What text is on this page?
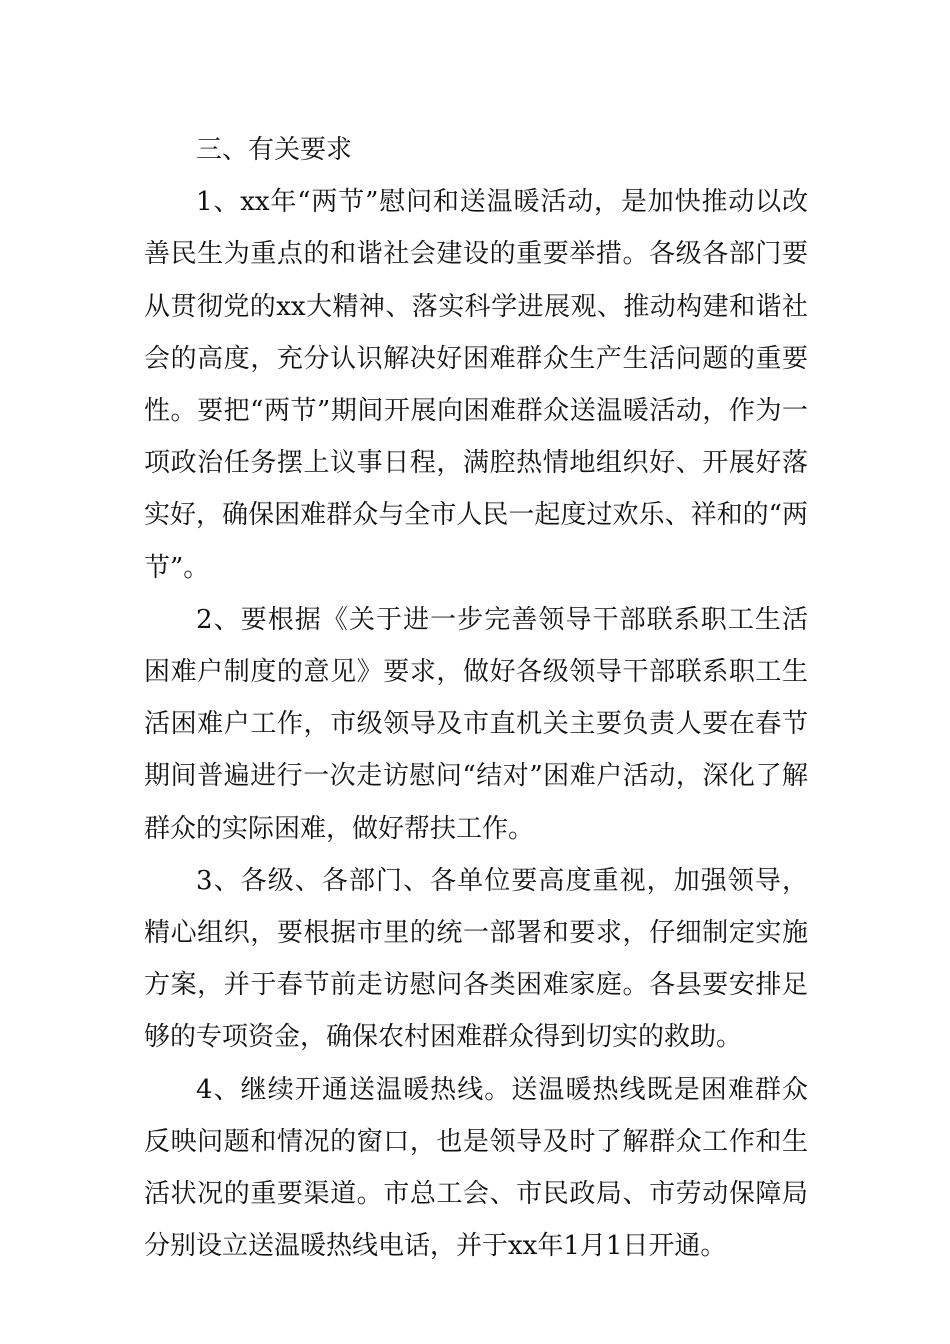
三、有关要求

1、xx年“两节”慰问和送温暖活动，是加快推动以改善民生为重点的和谐社会建设的重要举措。各级各部门要从贯彻党的xx大精神、落实科学进展观、推动构建和谐社会的高度，充分认识解决好困难群众生产生活问题的重要性。要把“两节”期间开展向困难群众送温暖活动，作为一项政治任务摆上议事日程，满腔热情地组织好、开展好落实好，确保困难群众与全市人民一起度过欢乐、祥和的“两节”。

2、要根据《关于进一步完善领导干部联系职工生活困难户制度的意见》要求，做好各级领导干部联系职工生活困难户工作，市级领导及市直机关主要负责人要在春节期间普遍进行一次走访慰问“结对”困难户活动，深化了解群众的实际困难，做好帮扶工作。

3、各级、各部门、各单位要高度重视，加强领导，精心组织，要根据市里的统一部署和要求，仔细制定实施方案，并于春节前走访慰问各类困难家庭。各县要安排足够的专项资金，确保农村困难群众得到切实的救助。

4、继续开通送温暖热线。送温暖热线既是困难群众反映问题和情况的窗口，也是领导及时了解群众工作和生活状况的重要渠道。市总工会、市民政局、市劳动保障局分别设立送温暖热线电话，并于xx年1月1日开通。
